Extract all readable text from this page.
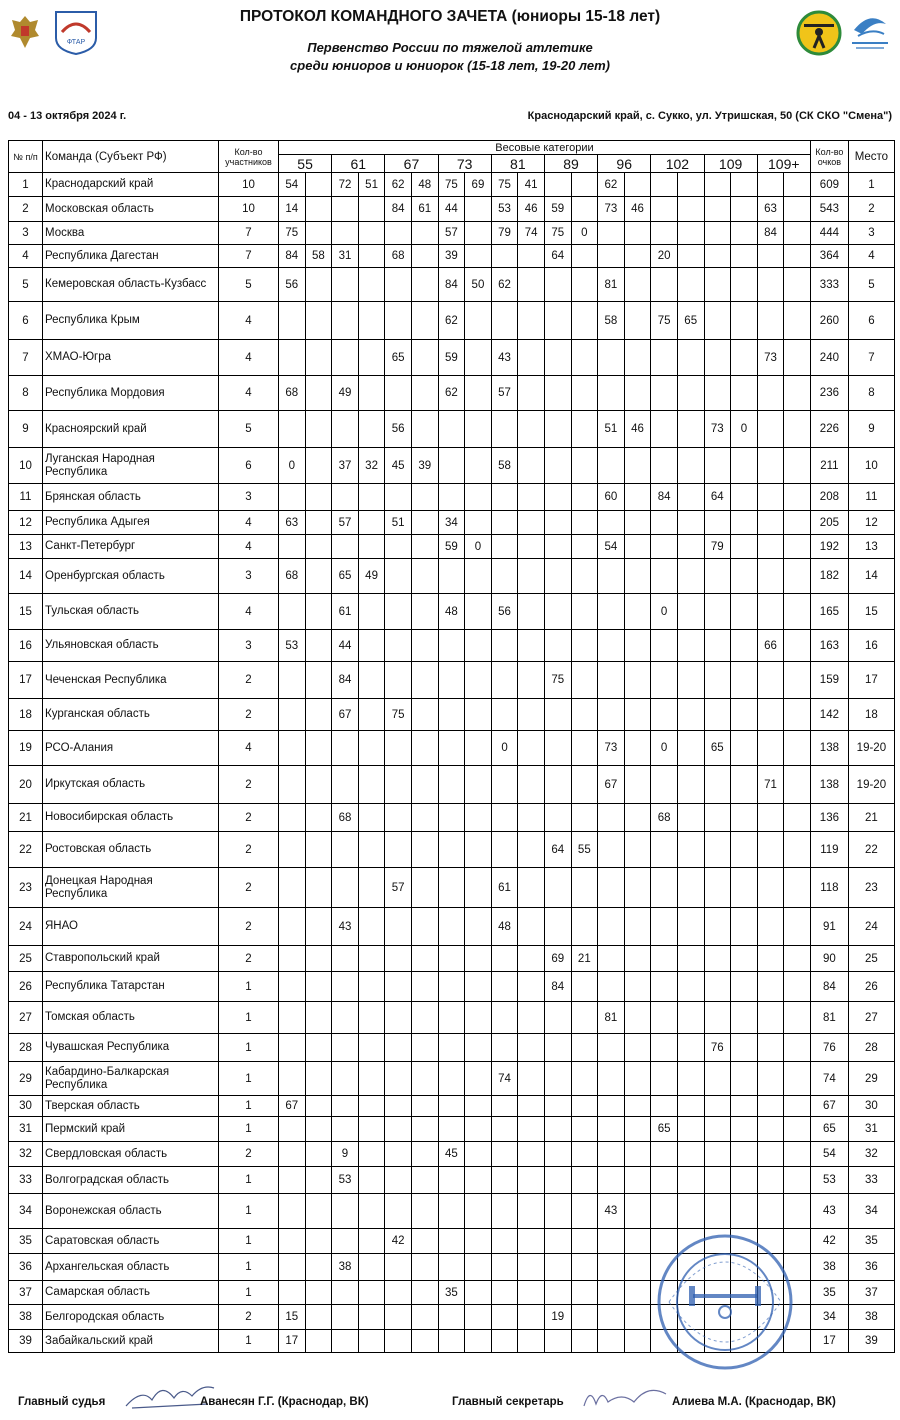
ФТАР
ПРОТОКОЛ КОМАНДНОГО ЗАЧЕТА (юниоры 15-18 лет)
Первенство России по тяжелой атлетике
среди юниоров и юниорок (15-18 лет, 19-20 лет)
04 - 13 октября 2024 г.	Краснодарский край, с. Сукко, ул. Утришская, 50 (СК СКО "Смена")
№ п/п	Команда (Субъект РФ)	Кол-во участников	Весовые категории																				Кол-во очков	Место
			55		61		67		73		81		89		96		102		109		109+			
1	Краснодарский край	10	54		72	51	62	48	75	69	75	41			62								609	1
2	Московская область	10	14				84	61	44		53	46	59		73	46					63		543	2
3	Москва	7	75						57		79	74	75	0							84		444	3
4	Республика Дагестан	7	84	58	31		68		39				64				20						364	4
5	Кемеровская область-Кузбасс	5	56						84	50	62				81								333	5
6	Республика Крым	4							62						58		75	65					260	6
7	ХМАО-Югра	4					65		59		43										73		240	7
8	Республика Мордовия	4	68		49				62		57												236	8
9	Красноярский край	5					56								51	46			73	0			226	9
10	Луганская Народная Республика	6	0		37	32	45	39			58												211	10
11	Брянская область	3													60		84		64				208	11
12	Республика Адыгея	4	63		57		51		34														205	12
13	Санкт-Петербург	4							59	0					54				79				192	13
14	Оренбургская область	3	68		65	49																	182	14
15	Тульская область	4			61				48		56						0						165	15
16	Ульяновская область	3	53		44																66		163	16
17	Чеченская Республика	2			84								75										159	17
18	Курганская область	2			67		75																142	18
19	РСО-Алания	4									0				73		0		65				138	19-20
20	Иркутская область	2													67						71		138	19-20
21	Новосибирская область	2			68												68						136	21
22	Ростовская область	2											64	55									119	22
23	Донецкая Народная Республика	2					57				61												118	23
24	ЯНАО	2			43						48												91	24
25	Ставропольский край	2											69	21									90	25
26	Республика Татарстан	1											84										84	26
27	Томская область	1													81								81	27
28	Чувашская Республика	1																	76				76	28
29	Кабардино-Балкарская Республика	1									74												74	29
30	Тверская область	1	67																				67	30
31	Пермский край	1															65						65	31
32	Свердловская область	2			9				45														54	32
33	Волгоградская область	1			53																		53	33
34	Воронежская область	1													43								43	34
35	Саратовская область	1					42																42	35
36	Архангельская область	1			38																		38	36
37	Самарская область	1							35														35	37
38	Белгородская область	2	15										19										34	38
39	Забайкальский край	1	17																				17	39
Главный судья	Аванесян Г.Г. (Краснодар, ВК)	Главный секретарь	Алиева М.А. (Краснодар, ВК)
